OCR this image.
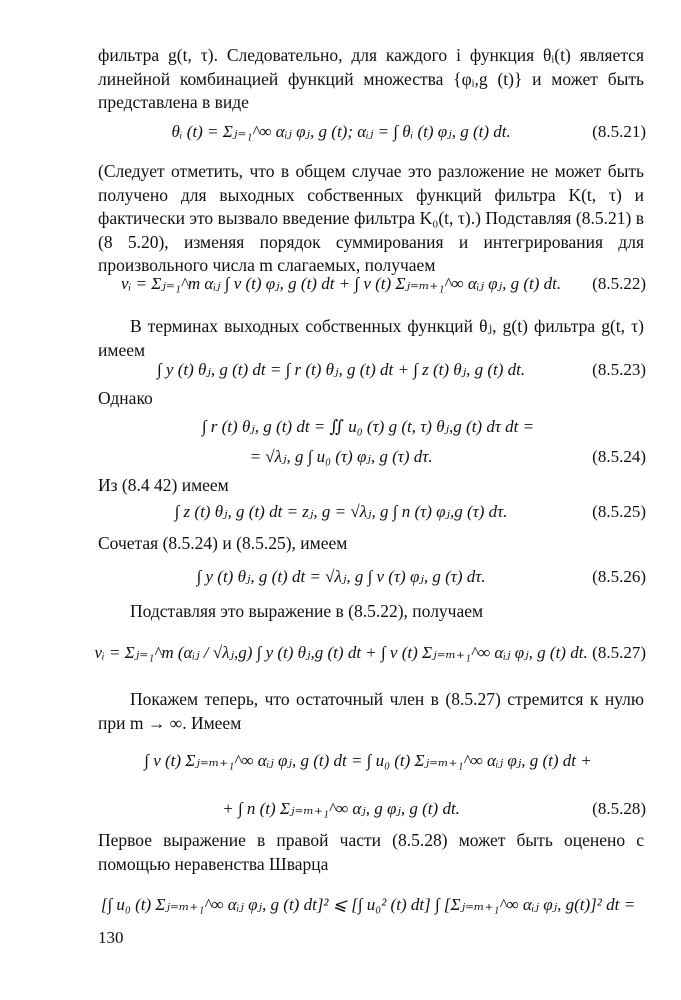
фильтра g(t, τ). Следовательно, для каждого i функция θᵢ(t) является линейной комбинацией функций множества {φᵢ,g (t)} и может быть представлена в виде

θᵢ (t) = Σⱼ₌₁^∞ αᵢⱼ φⱼ, g (t); αᵢⱼ = ∫ θᵢ (t) φⱼ, g (t) dt.	(8.5.21)

(Следует отметить, что в общем случае это разложение не может быть получено для выходных собственных функций фильтра K(t, τ) и фактически это вызвало введение фильтра K₀(t, τ).) Подставляя (8.5.21) в (8 5.20), изменяя порядок суммирования и интегрирования для произвольного числа m слагаемых, получаем

vᵢ = Σⱼ₌₁^m αᵢⱼ ∫ v (t) φⱼ, g (t) dt + ∫ v (t) Σⱼ₌ₘ₊₁^∞ αᵢⱼ φⱼ, g (t) dt.	(8.5.22)

В терминах выходных собственных функций θⱼ, g(t) фильтра g(t, τ) имеем

∫ y (t) θⱼ, g (t) dt = ∫ r (t) θⱼ, g (t) dt + ∫ z (t) θⱼ, g (t) dt.	(8.5.23)

Однако

∫ r (t) θⱼ, g (t) dt = ∬ u₀ (τ) g (t, τ) θⱼ,g (t) dτ dt =
= √λⱼ, g ∫ u₀ (τ) φⱼ, g (τ) dτ.	(8.5.24)

Из (8.4 42) имеем

∫ z (t) θⱼ, g (t) dt = zⱼ, g = √λⱼ, g ∫ n (τ) φⱼ,g (τ) dτ.	(8.5.25)

Сочетая (8.5.24) и (8.5.25), имеем

∫ y (t) θⱼ, g (t) dt = √λⱼ, g ∫ v (τ) φⱼ, g (τ) dτ.	(8.5.26)

Подставляя это выражение в (8.5.22), получаем

vᵢ = Σⱼ₌₁^m (αᵢⱼ / √λⱼ,g) ∫ y (t) θⱼ,g (t) dt + ∫ v (t) Σⱼ₌ₘ₊₁^∞ αᵢⱼ φⱼ, g (t) dt. (8.5.27)

Покажем теперь, что остаточный член в (8.5.27) стремится к нулю при m → ∞. Имеем

∫ v (t) Σⱼ₌ₘ₊₁^∞ αᵢⱼ φⱼ, g (t) dt = ∫ u₀ (t) Σⱼ₌ₘ₊₁^∞ αᵢⱼ φⱼ, g (t) dt +
+ ∫ n (t) Σⱼ₌ₘ₊₁^∞ αⱼ, g φⱼ, g (t) dt.	(8.5.28)

Первое выражение в правой части (8.5.28) может быть оценено с помощью неравенства Шварца

[∫ u₀ (t) Σⱼ₌ₘ₊₁^∞ αᵢⱼ φⱼ, g (t) dt]² ⩽ [∫ u₀² (t) dt] ∫ [Σⱼ₌ₘ₊₁^∞ αᵢⱼ φⱼ, g(t)]² dt =
130
